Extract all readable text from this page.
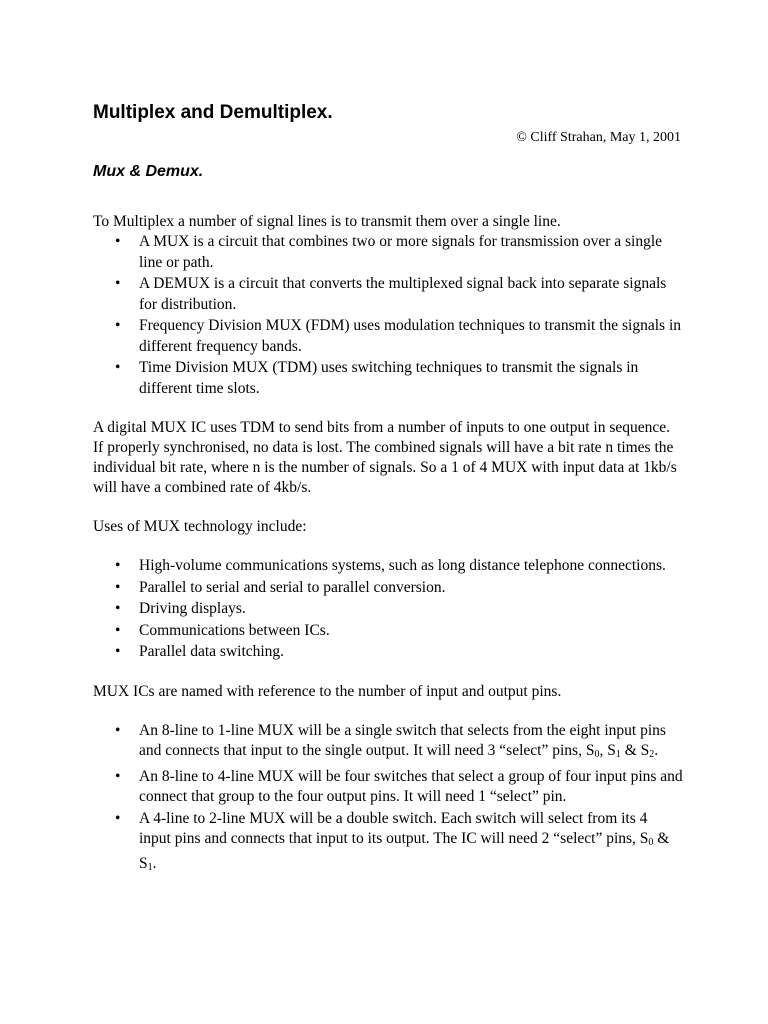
Multiplex and Demultiplex.
© Cliff Strahan, May 1, 2001
Mux & Demux.

To Multiplex a number of signal lines is to transmit them over a single line.

• A MUX is a circuit that combines two or more signals for transmission over a single line or path.
• A DEMUX is a circuit that converts the multiplexed signal back into separate signals for distribution.
• Frequency Division MUX (FDM) uses modulation techniques to transmit the signals in different frequency bands.
• Time Division MUX (TDM) uses switching techniques to transmit the signals in different time slots.

A digital MUX IC uses TDM to send bits from a number of inputs to one output in sequence. If properly synchronised, no data is lost. The combined signals will have a bit rate n times the individual bit rate, where n is the number of signals. So a 1 of 4 MUX with input data at 1kb/s will have a combined rate of 4kb/s.

Uses of MUX technology include:

• High-volume communications systems, such as long distance telephone connections.
• Parallel to serial and serial to parallel conversion.
• Driving displays.
• Communications between ICs.
• Parallel data switching.

MUX ICs are named with reference to the number of input and output pins.

• An 8-line to 1-line MUX will be a single switch that selects from the eight input pins and connects that input to the single output. It will need 3 “select” pins, $S_0$, $S_1$ & $S_2$.
• An 8-line to 4-line MUX will be four switches that select a group of four input pins and connect that group to the four output pins. It will need 1 “select” pin.
• A 4-line to 2-line MUX will be a double switch. Each switch will select from its 4 input pins and connects that input to its output. The IC will need 2 “select” pins, $S_0$ & $S_1$.
